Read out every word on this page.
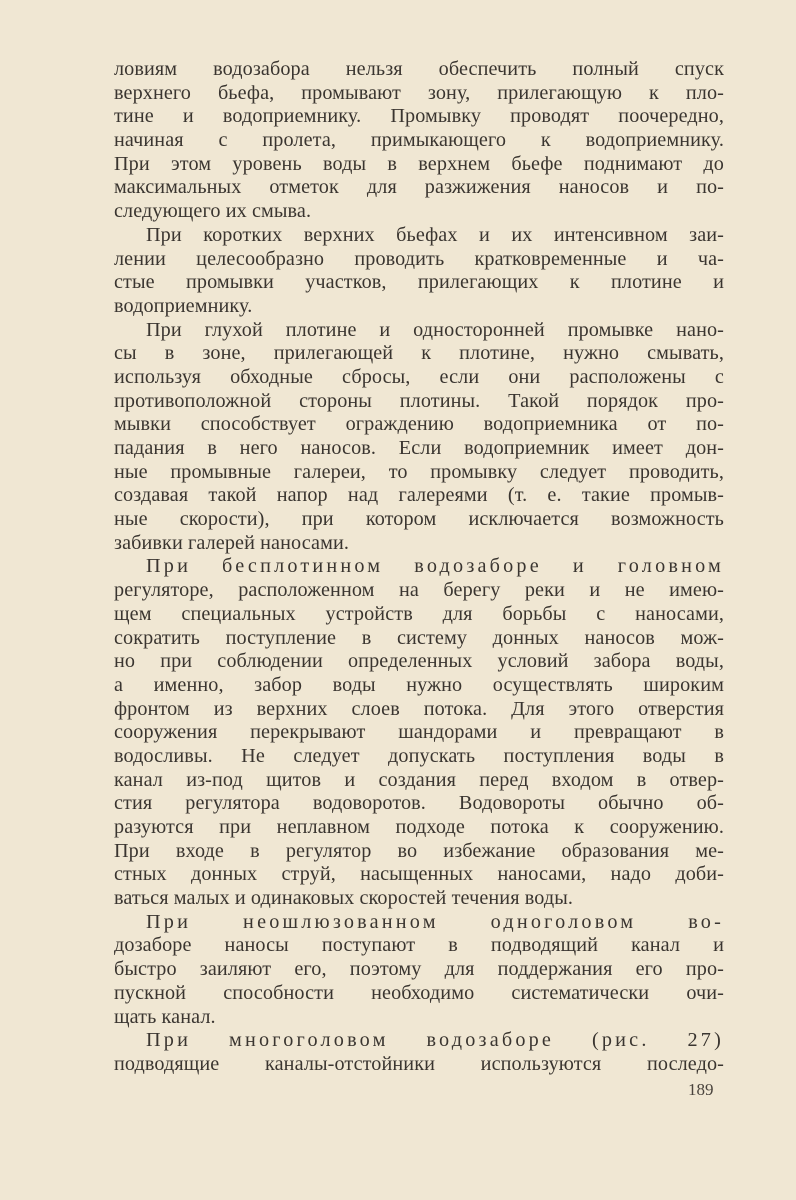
ловиям водозабора нельзя обеспечить полный спуск
верхнего бьефа, промывают зону, прилегающую к пло-
тине и водоприемнику. Промывку проводят поочередно,
начиная с пролета, примыкающего к водоприемнику.
При этом уровень воды в верхнем бьефе поднимают до
максимальных отметок для разжижения наносов и по-
следующего их смыва.
При коротких верхних бьефах и их интенсивном заи-
лении целесообразно проводить кратковременные и ча-
стые промывки участков, прилегающих к плотине и
водоприемнику.
При глухой плотине и односторонней промывке нано-
сы в зоне, прилегающей к плотине, нужно смывать,
используя обходные сбросы, если они расположены с
противоположной стороны плотины. Такой порядок про-
мывки способствует ограждению водоприемника от по-
падания в него наносов. Если водоприемник имеет дон-
ные промывные галереи, то промывку следует проводить,
создавая такой напор над галереями (т. е. такие промыв-
ные скорости), при котором исключается возможность
забивки галерей наносами.
При бесплотинном водозаборе и головном
регуляторе, расположенном на берегу реки и не имею-
щем специальных устройств для борьбы с наносами,
сократить поступление в систему донных наносов мож-
но при соблюдении определенных условий забора воды,
а именно, забор воды нужно осуществлять широким
фронтом из верхних слоев потока. Для этого отверстия
сооружения перекрывают шандорами и превращают в
водосливы. Не следует допускать поступления воды в
канал из-под щитов и создания перед входом в отвер-
стия регулятора водоворотов. Водовороты обычно об-
разуются при неплавном подходе потока к сооружению.
При входе в регулятор во избежание образования ме-
стных донных струй, насыщенных наносами, надо доби-
ваться малых и одинаковых скоростей течения воды.
При неошлюзованном одноголовом во-
дозаборе наносы поступают в подводящий канал и
быстро заиляют его, поэтому для поддержания его про-
пускной способности необходимо систематически очи-
щать канал.
При многоголовом водозаборе (рис. 27)
подводящие каналы-отстойники используются последо-
189
